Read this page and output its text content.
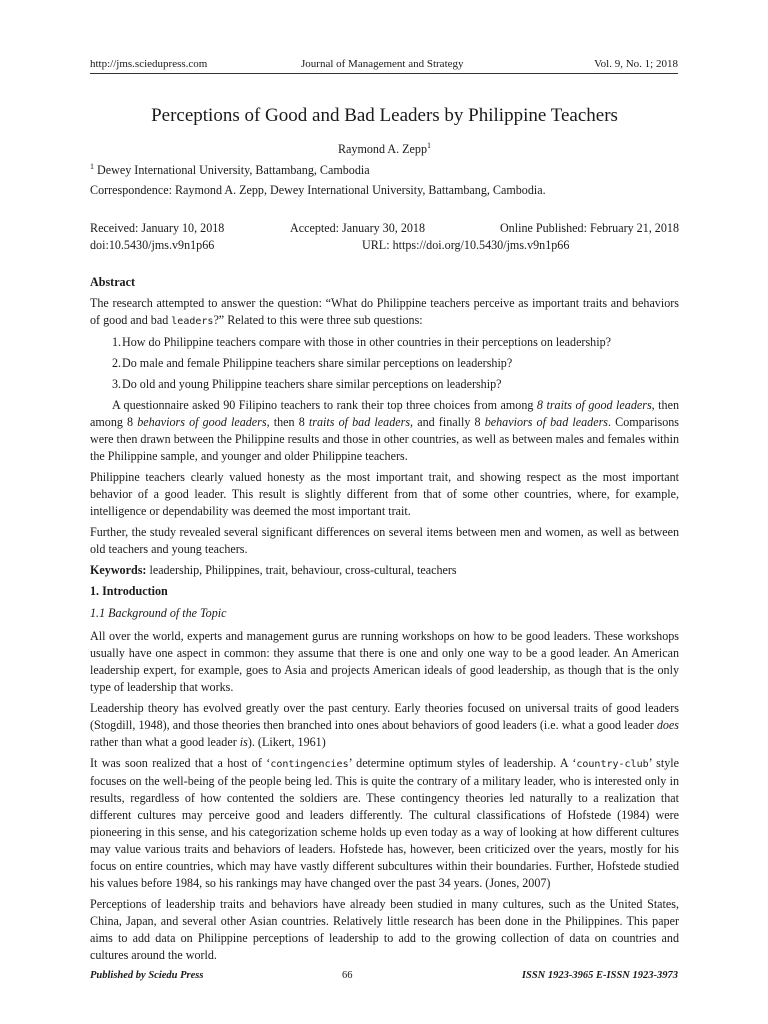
http://jms.sciedupress.com	Journal of Management and Strategy	Vol. 9, No. 1; 2018
Perceptions of Good and Bad Leaders by Philippine Teachers
Raymond A. Zepp$^1$
$^1$ Dewey International University, Battambang, Cambodia
Correspondence: Raymond A. Zepp, Dewey International University, Battambang, Cambodia.
Received: January 10, 2018	Accepted: January 30, 2018	Online Published: February 21, 2018
doi:10.5430/jms.v9n1p66	URL: https://doi.org/10.5430/jms.v9n1p66
Abstract

The research attempted to answer the question: “What do Philippine teachers perceive as important traits and behaviors of good and bad leaders?” Related to this were three sub questions:

1. How do Philippine teachers compare with those in other countries in their perceptions on leadership?
2. Do male and female Philippine teachers share similar perceptions on leadership?
3. Do old and young Philippine teachers share similar perceptions on leadership?

A questionnaire asked 90 Filipino teachers to rank their top three choices from among 8 traits of good leaders, then among 8 behaviors of good leaders, then 8 traits of bad leaders, and finally 8 behaviors of bad leaders. Comparisons were then drawn between the Philippine results and those in other countries, as well as between males and females within the Philippine sample, and younger and older Philippine teachers.

Philippine teachers clearly valued honesty as the most important trait, and showing respect as the most important behavior of a good leader. This result is slightly different from that of some other countries, where, for example, intelligence or dependability was deemed the most important trait.

Further, the study revealed several significant differences on several items between men and women, as well as between old teachers and young teachers.

Keywords: leadership, Philippines, trait, behaviour, cross-cultural, teachers

1. Introduction
1.1 Background of the Topic

All over the world, experts and management gurus are running workshops on how to be good leaders. These workshops usually have one aspect in common: they assume that there is one and only one way to be a good leader. An American leadership expert, for example, goes to Asia and projects American ideals of good leadership, as though that is the only type of leadership that works.

Leadership theory has evolved greatly over the past century. Early theories focused on universal traits of good leaders (Stogdill, 1948), and those theories then branched into ones about behaviors of good leaders (i.e. what a good leader does rather than what a good leader is). (Likert, 1961)

It was soon realized that a host of ‘contingencies’ determine optimum styles of leadership. A ‘country-club’ style focuses on the well-being of the people being led. This is quite the contrary of a military leader, who is interested only in results, regardless of how contented the soldiers are. These contingency theories led naturally to a realization that different cultures may perceive good and leaders differently. The cultural classifications of Hofstede (1984) were pioneering in this sense, and his categorization scheme holds up even today as a way of looking at how different cultures may value various traits and behaviors of leaders. Hofstede has, however, been criticized over the years, mostly for his focus on entire countries, which may have vastly different subcultures within their boundaries. Further, Hofstede studied his values before 1984, so his rankings may have changed over the past 34 years. (Jones, 2007)

Perceptions of leadership traits and behaviors have already been studied in many cultures, such as the United States, China, Japan, and several other Asian countries. Relatively little research has been done in the Philippines. This paper aims to add data on Philippine perceptions of leadership to add to the growing collection of data on countries and cultures around the world.

Published by Sciedu Press	66	ISSN 1923-3965 E-ISSN 1923-3973
